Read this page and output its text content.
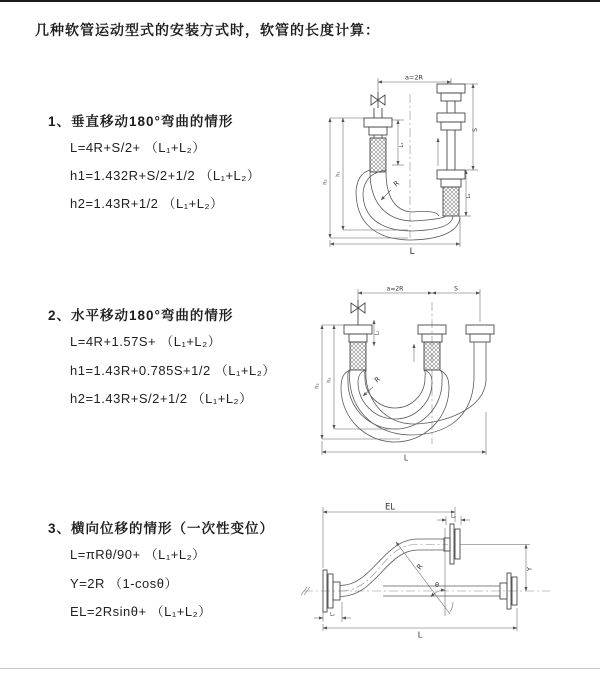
几种软管运动型式的安装方式时，软管的长度计算：
1、垂直移动180°弯曲的情形
L=4R+S/2+ （L₁+L₂）
h1=1.432R+S/2+1/2 （L₁+L₂）
h2=1.43R+1/2 （L₁+L₂）
2、水平移动180°弯曲的情形
L=4R+1.57S+ （L₁+L₂）
h1=1.43R+0.785S+1/2 （L₁+L₂）
h2=1.43R+S/2+1/2 （L₁+L₂）
3、横向位移的情形（一次性变位）
L=πRθ/90+ （L₁+L₂）
Y=2R （1-cosθ）
EL=2Rsinθ+ （L₁+L₂）
a=2R
L₁
S
L₂
R
h₂
h₁
L
a=2R	S
L₁
R
h₂
h₁
L
EL
L₂
θ
R	Y
L₁
L
